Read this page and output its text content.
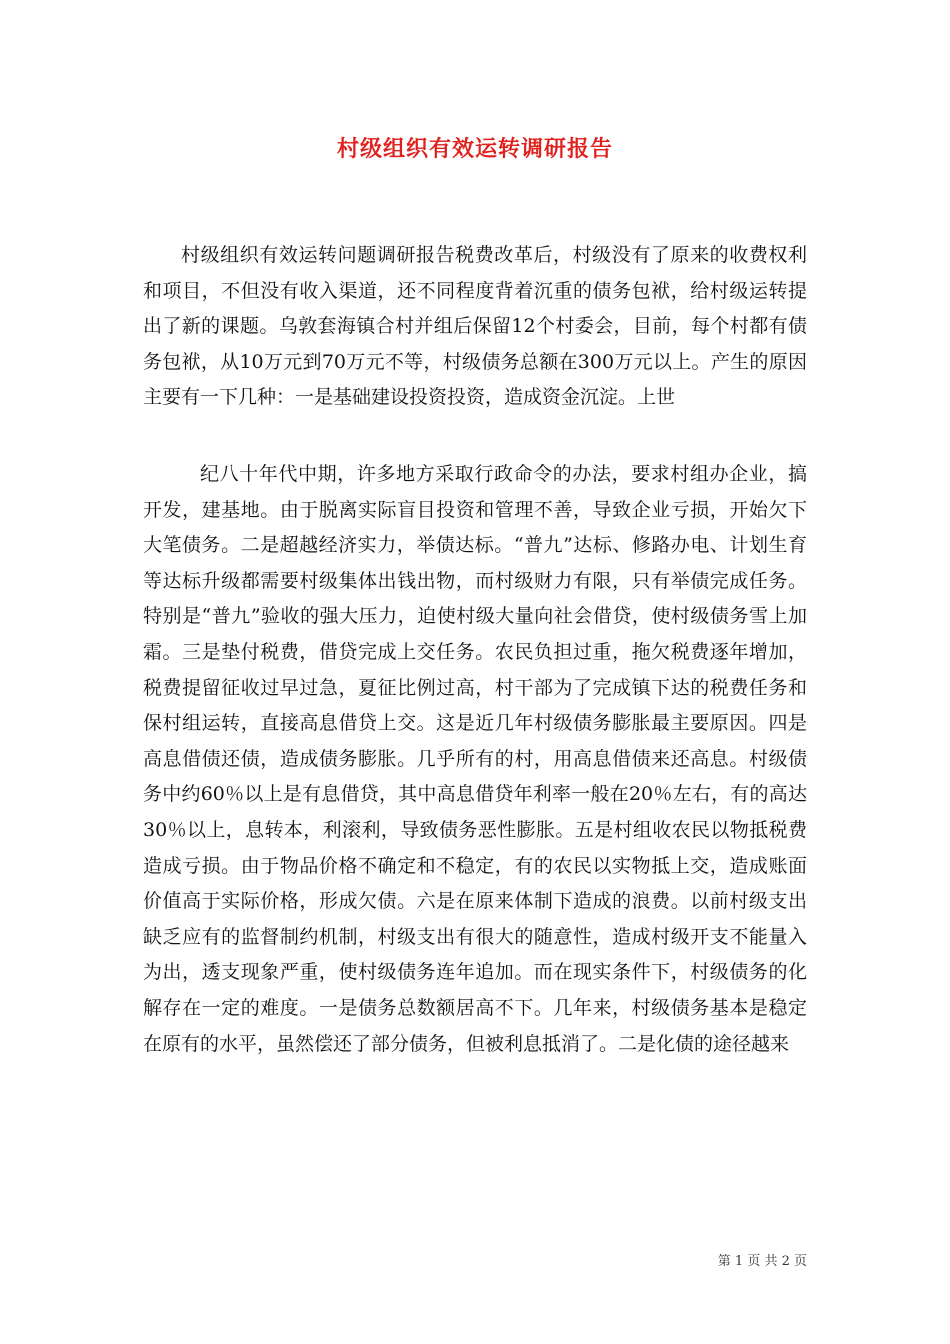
村级组织有效运转调研报告

村级组织有效运转问题调研报告税费改革后，村级没有了原来的收费权利和项目，不但没有收入渠道，还不同程度背着沉重的债务包袱，给村级运转提出了新的课题。乌敦套海镇合村并组后保留12个村委会，目前，每个村都有债务包袱，从10万元到70万元不等，村级债务总额在300万元以上。产生的原因主要有一下几种：一是基础建设投资投资，造成资金沉淀。上世

纪八十年代中期，许多地方采取行政命令的办法，要求村组办企业，搞开发，建基地。由于脱离实际盲目投资和管理不善，导致企业亏损，开始欠下大笔债务。二是超越经济实力，举债达标。“普九”达标、修路办电、计划生育等达标升级都需要村级集体出钱出物，而村级财力有限，只有举债完成任务。特别是“普九”验收的强大压力，迫使村级大量向社会借贷，使村级债务雪上加霜。三是垫付税费，借贷完成上交任务。农民负担过重，拖欠税费逐年增加，税费提留征收过早过急，夏征比例过高，村干部为了完成镇下达的税费任务和保村组运转，直接高息借贷上交。这是近几年村级债务膨胀最主要原因。四是高息借债还债，造成债务膨胀。几乎所有的村，用高息借债来还高息。村级债务中约60％以上是有息借贷，其中高息借贷年利率一般在20％左右，有的高达30％以上，息转本，利滚利，导致债务恶性膨胀。五是村组收农民以物抵税费造成亏损。由于物品价格不确定和不稳定，有的农民以实物抵上交，造成账面价值高于实际价格，形成欠债。六是在原来体制下造成的浪费。以前村级支出缺乏应有的监督制约机制，村级支出有很大的随意性，造成村级开支不能量入为出，透支现象严重，使村级债务连年追加。而在现实条件下，村级债务的化解存在一定的难度。一是债务总数额居高不下。几年来，村级债务基本是稳定在原有的水平，虽然偿还了部分债务，但被利息抵消了。二是化债的途径越来

第 1 页 共 2 页
